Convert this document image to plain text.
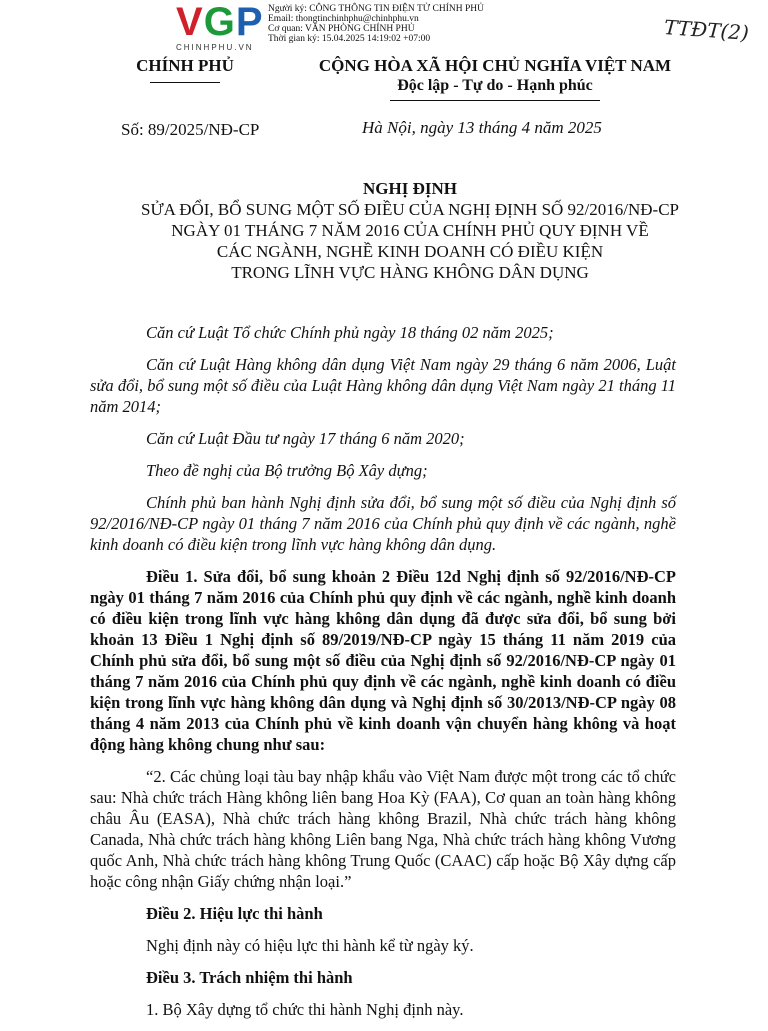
VGP
CHINHPHU.VN
Người ký: CÔNG THÔNG TIN ĐIỆN TỬ CHÍNH PHỦ
Email: thongtinchinhphu@chinhphu.vn
Cơ quan: VĂN PHÒNG CHÍNH PHỦ
Thời gian ký: 15.04.2025 14:19:02 +07:00	TTĐT(2)
CHÍNH PHỦ	CỘNG HÒA XÃ HỘI CHỦ NGHĨA VIỆT NAM
Độc lập - Tự do - Hạnh phúc
Số: 89/2025/NĐ-CP	Hà Nội, ngày 13 tháng 4 năm 2025
NGHỊ ĐỊNH
SỬA ĐỔI, BỔ SUNG MỘT SỐ ĐIỀU CỦA NGHỊ ĐỊNH SỐ 92/2016/NĐ-CP
NGÀY 01 THÁNG 7 NĂM 2016 CỦA CHÍNH PHỦ QUY ĐỊNH VỀ
CÁC NGÀNH, NGHỀ KINH DOANH CÓ ĐIỀU KIỆN
TRONG LĨNH VỰC HÀNG KHÔNG DÂN DỤNG

Căn cứ Luật Tổ chức Chính phủ ngày 18 tháng 02 năm 2025;

Căn cứ Luật Hàng không dân dụng Việt Nam ngày 29 tháng 6 năm 2006, Luật sửa đổi, bổ sung một số điều của Luật Hàng không dân dụng Việt Nam ngày 21 tháng 11 năm 2014;

Căn cứ Luật Đầu tư ngày 17 tháng 6 năm 2020;

Theo đề nghị của Bộ trưởng Bộ Xây dựng;

Chính phủ ban hành Nghị định sửa đổi, bổ sung một số điều của Nghị định số 92/2016/NĐ-CP ngày 01 tháng 7 năm 2016 của Chính phủ quy định về các ngành, nghề kinh doanh có điều kiện trong lĩnh vực hàng không dân dụng.

Điều 1. Sửa đổi, bổ sung khoản 2 Điều 12d Nghị định số 92/2016/NĐ-CP ngày 01 tháng 7 năm 2016 của Chính phủ quy định về các ngành, nghề kinh doanh có điều kiện trong lĩnh vực hàng không dân dụng đã được sửa đổi, bổ sung bởi khoản 13 Điều 1 Nghị định số 89/2019/NĐ-CP ngày 15 tháng 11 năm 2019 của Chính phủ sửa đổi, bổ sung một số điều của Nghị định số 92/2016/NĐ-CP ngày 01 tháng 7 năm 2016 của Chính phủ quy định về các ngành, nghề kinh doanh có điều kiện trong lĩnh vực hàng không dân dụng và Nghị định số 30/2013/NĐ-CP ngày 08 tháng 4 năm 2013 của Chính phủ về kinh doanh vận chuyển hàng không và hoạt động hàng không chung như sau:

“2. Các chủng loại tàu bay nhập khẩu vào Việt Nam được một trong các tổ chức sau: Nhà chức trách Hàng không liên bang Hoa Kỳ (FAA), Cơ quan an toàn hàng không châu Âu (EASA), Nhà chức trách hàng không Brazil, Nhà chức trách hàng không Canada, Nhà chức trách hàng không Liên bang Nga, Nhà chức trách hàng không Vương quốc Anh, Nhà chức trách hàng không Trung Quốc (CAAC) cấp hoặc Bộ Xây dựng cấp hoặc công nhận Giấy chứng nhận loại.”

Điều 2. Hiệu lực thi hành

Nghị định này có hiệu lực thi hành kể từ ngày ký.

Điều 3. Trách nhiệm thi hành

1. Bộ Xây dựng tổ chức thi hành Nghị định này.
